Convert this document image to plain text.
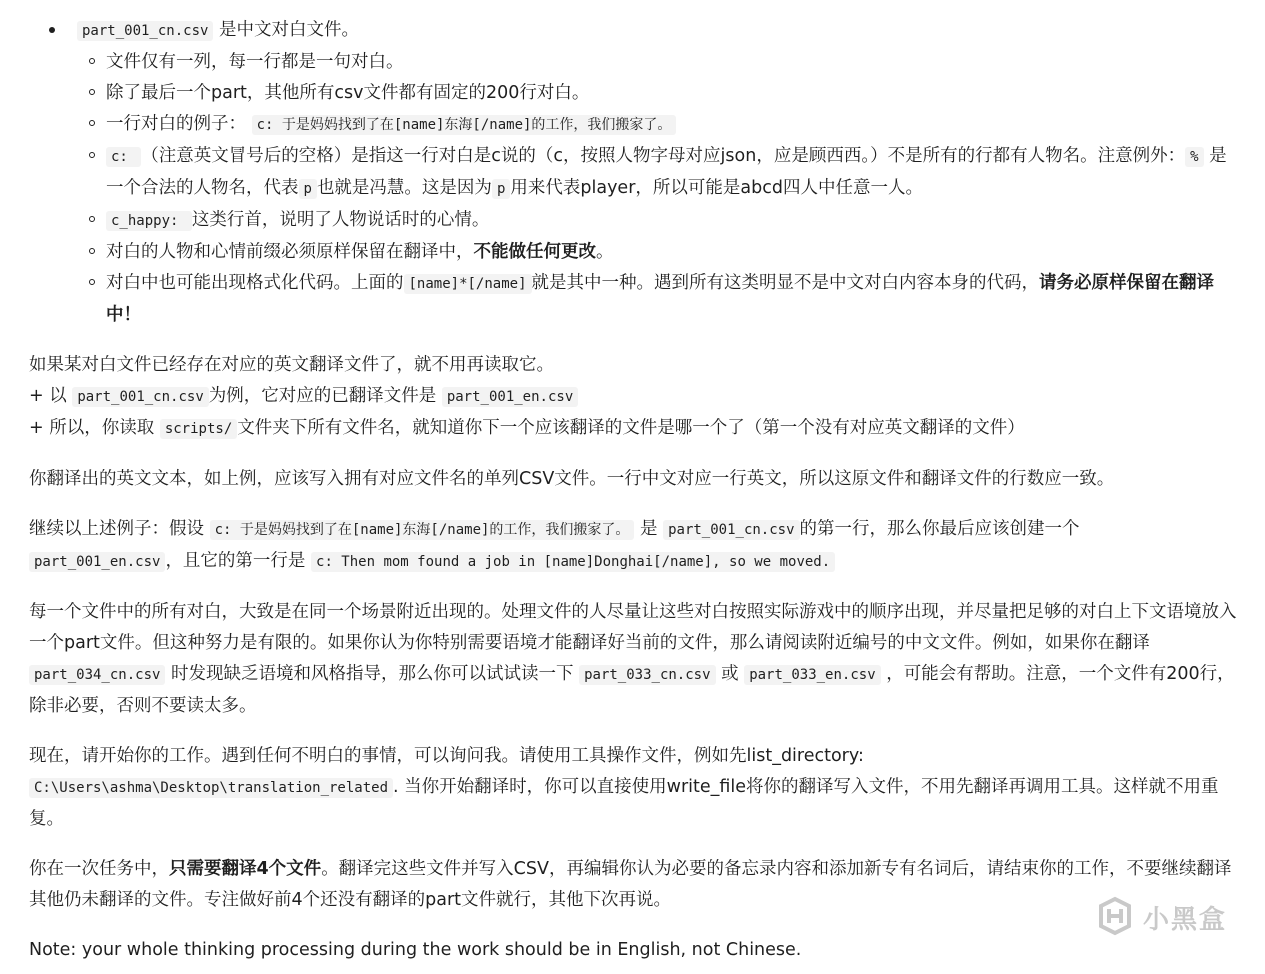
part_001_cn.csv 是中文对白文件。
文件仅有一列，每一行都是一句对白。
除了最后一个part，其他所有csv文件都有固定的200行对白。
一行对白的例子： c: 于是妈妈找到了在[name]东海[/name]的工作，我们搬家了。
c: （注意英文冒号后的空格）是指这一行对白是c说的（c，按照人物字母对应json，应是顾西西。）不是所有的行都有人物名。注意例外： % 是一个合法的人物名，代表 p 也就是冯慧。这是因为 p 用来代表player，所以可能是abcd四人中任意一人。
c_happy: 这类行首，说明了人物说话时的心情。
对白的人物和心情前缀必须原样保留在翻译中，不能做任何更改。
对白中也可能出现格式化代码。上面的 [name]*[/name] 就是其中一种。遇到所有这类明显不是中文对白内容本身的代码，请务必原样保留在翻译中！

如果某对白文件已经存在对应的英文翻译文件了，就不用再读取它。

+ 以 part_001_cn.csv 为例，它对应的已翻译文件是 part_001_en.csv

+ 所以，你读取 scripts/ 文件夹下所有文件名，就知道你下一个应该翻译的文件是哪一个了（第一个没有对应英文翻译的文件）

你翻译出的英文文本，如上例，应该写入拥有对应文件名的单列CSV文件。一行中文对应一行英文，所以这原文件和翻译文件的行数应一致。

继续以上述例子：假设 c: 于是妈妈找到了在[name]东海[/name]的工作，我们搬家了。 是 part_001_cn.csv 的第一行，那么你最后应该创建一个 part_001_en.csv ，且它的第一行是 c: Then mom found a job in [name]Donghai[/name], so we moved.

每一个文件中的所有对白，大致是在同一个场景附近出现的。处理文件的人尽量让这些对白按照实际游戏中的顺序出现，并尽量把足够的对白上下文语境放入一个part文件。但这种努力是有限的。如果你认为你特别需要语境才能翻译好当前的文件，那么请阅读附近编号的中文文件。例如，如果你在翻译 part_034_cn.csv 时发现缺乏语境和风格指导，那么你可以试试读一下 part_033_cn.csv 或 part_033_en.csv ，可能会有帮助。注意，一个文件有200行，除非必要，否则不要读太多。

现在，请开始你的工作。遇到任何不明白的事情，可以询问我。请使用工具操作文件，例如先list_directory: C:\Users\ashma\Desktop\translation_related . 当你开始翻译时，你可以直接使用write_file将你的翻译写入文件，不用先翻译再调用工具。这样就不用重复。

你在一次任务中，只需要翻译4个文件。翻译完这些文件并写入CSV，再编辑你认为必要的备忘录内容和添加新专有名词后，请结束你的工作，不要继续翻译其他仍未翻译的文件。专注做好前4个还没有翻译的part文件就行，其他下次再说。

Note: your whole thinking processing during the work should be in English, not Chinese.

小黑盒
